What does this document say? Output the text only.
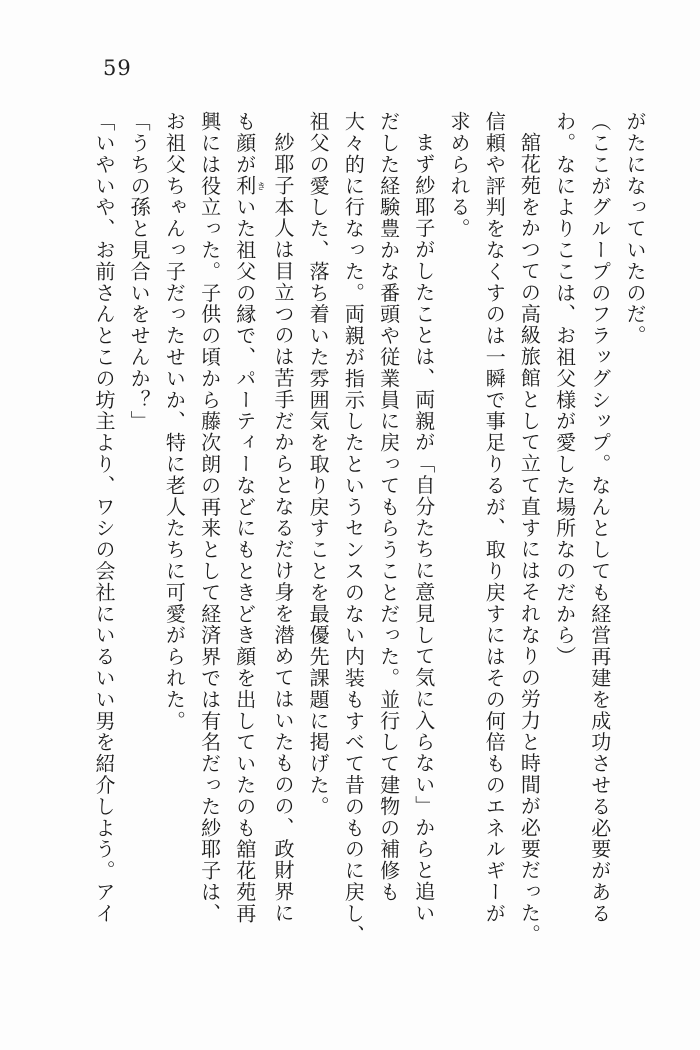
59
がたになっていたのだ。
（ここがグループのフラッグシップ。なんとしても経営再建を成功させる必要がある
わ。なによりここは、お祖父様が愛した場所なのだから）
舘花苑をかつての高級旅館として立て直すにはそれなりの労力と時間が必要だった。
信頼や評判をなくすのは一瞬で事足りるが、取り戻すにはその何倍ものエネルギーが
求められる。
まず紗耶子がしたことは、両親が「自分たちに意見して気に入らない」からと追い
だした経験豊かな番頭や従業員に戻ってもらうことだった。並行して建物の補修も
大々的に行なった。両親が指示したというセンスのない内装もすべて昔のものに戻し、
祖父の愛した、落ち着いた雰囲気を取り戻すことを最優先課題に掲げた。
紗耶子本人は目立つのは苦手だからとなるだけ身を潜めてはいたものの、政財界に
も顔が利きいた祖父の縁で、パーティーなどにもときどき顔を出していたのも舘花苑再
興には役立った。子供の頃から藤次朗の再来として経済界では有名だった紗耶子は、
お祖父ちゃんっ子だったせいか、特に老人たちに可愛がられた。
「うちの孫と見合いをせんか？」
「いやいや、お前さんとこの坊主より、ワシの会社にいるいい男を紹介しよう。アイ
